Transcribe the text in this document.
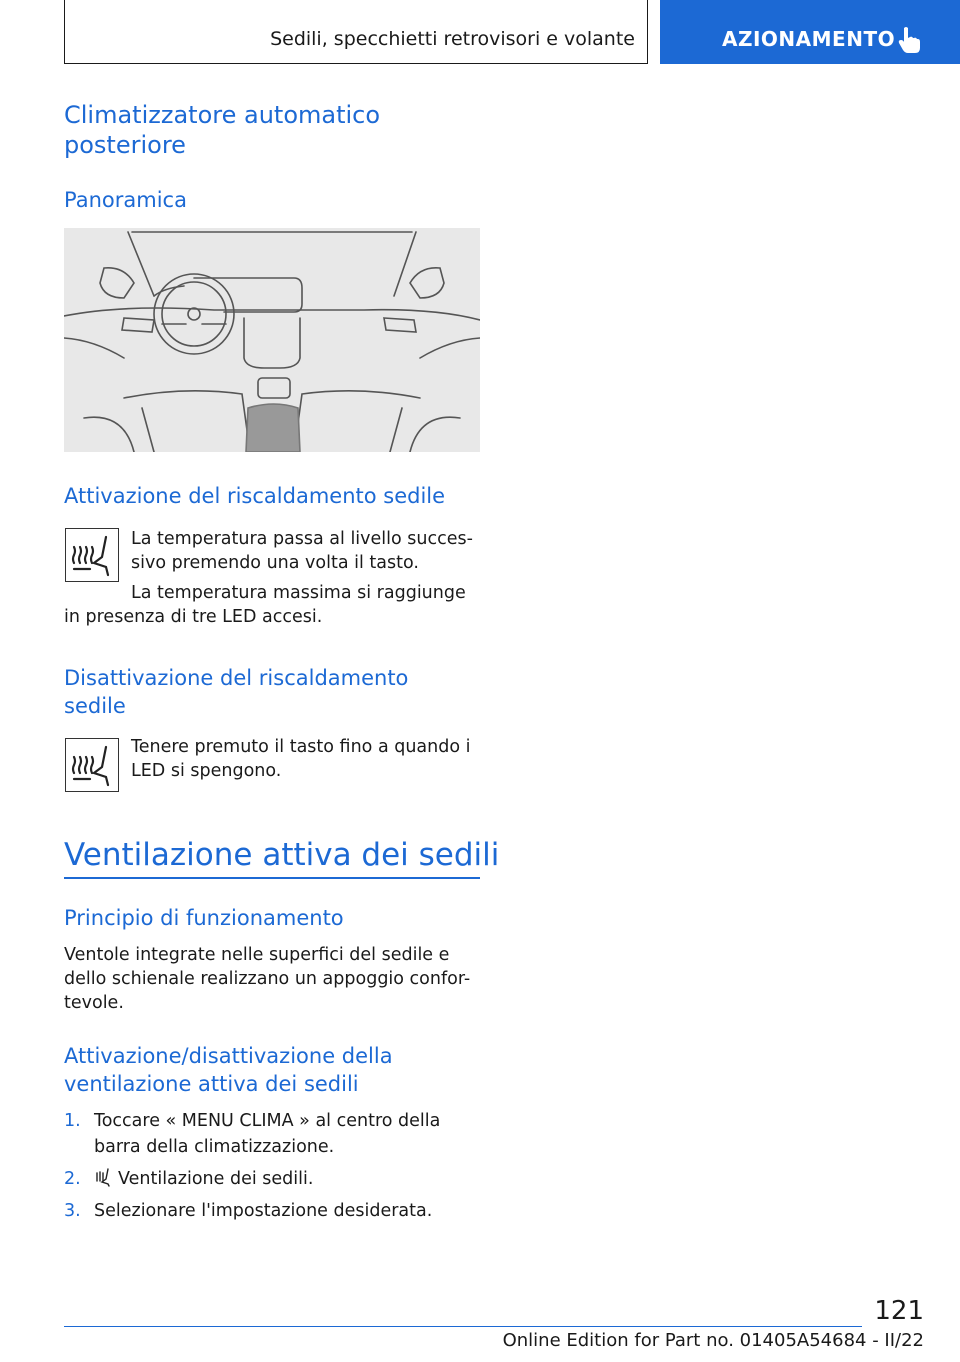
Sedili, specchietti retrovisori e volante	AZIONAMENTO
Climatizzatore automatico
posteriore
Panoramica
Attivazione del riscaldamento sedile

La temperatura passa al livello succes-

sivo premendo una volta il tasto.

La temperatura massima si raggiunge

in presenza di tre LED accesi.

Disattivazione del riscaldamento
sedile

Tenere premuto il tasto fino a quando i

LED si spengono.

Ventilazione attiva dei sedili
Principio di funzionamento

Ventole integrate nelle superfici del sedile e

dello schienale realizzano un appoggio confor-

tevole.

Attivazione/disattivazione della
ventilazione attiva dei sedili
1. Toccare « MENU CLIMA » al centro della
barra della climatizzazione.
2.	Ventilazione dei sedili.
3. Selezionare l'impostazione desiderata.
121
Online Edition for Part no. 01405A54684 - II/22
